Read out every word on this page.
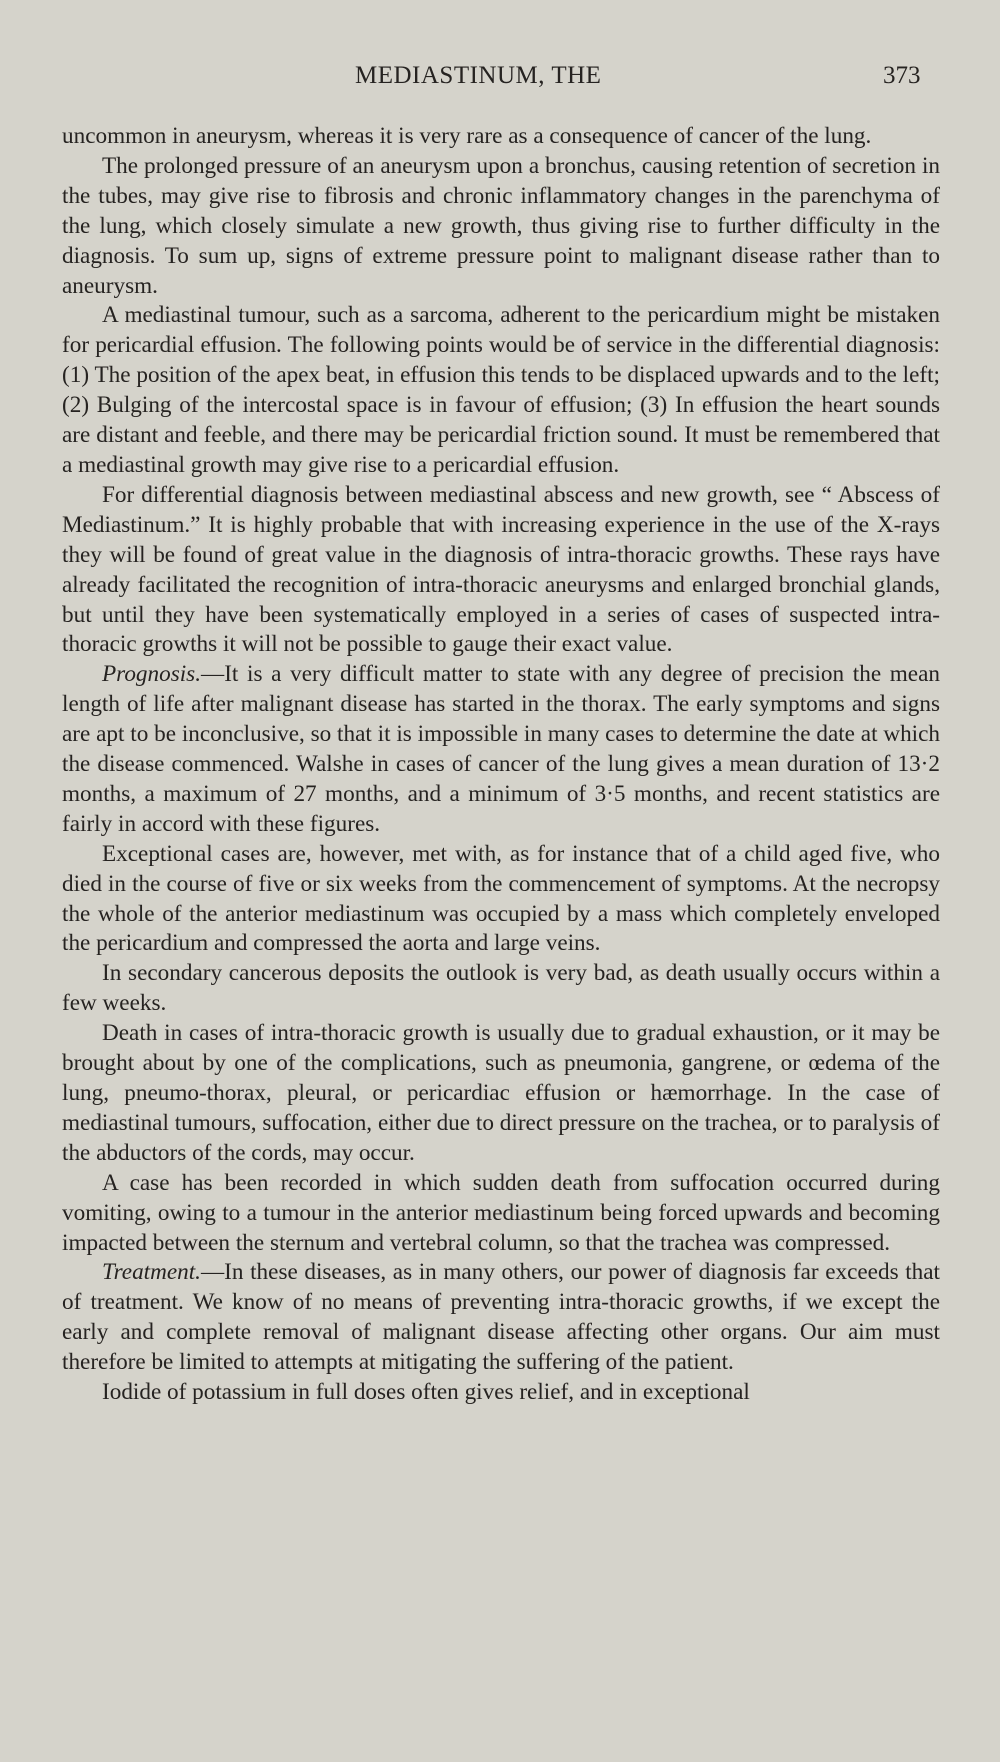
MEDIASTINUM, THE	373

uncommon in aneurysm, whereas it is very rare as a consequence of cancer of the lung.

The prolonged pressure of an aneurysm upon a bronchus, causing retention of secretion in the tubes, may give rise to fibrosis and chronic inflammatory changes in the parenchyma of the lung, which closely simulate a new growth, thus giving rise to further difficulty in the diagnosis. To sum up, signs of extreme pressure point to malignant disease rather than to aneurysm.

A mediastinal tumour, such as a sarcoma, adherent to the pericardium might be mistaken for pericardial effusion. The following points would be of service in the differential diagnosis: (1) The position of the apex beat, in effusion this tends to be displaced upwards and to the left; (2) Bulging of the intercostal space is in favour of effusion; (3) In effusion the heart sounds are distant and feeble, and there may be pericardial friction sound. It must be remembered that a mediastinal growth may give rise to a pericardial effusion.

For differential diagnosis between mediastinal abscess and new growth, see “ Abscess of Mediastinum.” It is highly probable that with increasing experience in the use of the X-rays they will be found of great value in the diagnosis of intra-thoracic growths. These rays have already facilitated the recognition of intra-thoracic aneurysms and enlarged bronchial glands, but until they have been systematically employed in a series of cases of suspected intra-thoracic growths it will not be possible to gauge their exact value.

Prognosis.—It is a very difficult matter to state with any degree of precision the mean length of life after malignant disease has started in the thorax. The early symptoms and signs are apt to be inconclusive, so that it is impossible in many cases to determine the date at which the disease commenced. Walshe in cases of cancer of the lung gives a mean duration of 13·2 months, a maximum of 27 months, and a minimum of 3·5 months, and recent statistics are fairly in accord with these figures.

Exceptional cases are, however, met with, as for instance that of a child aged five, who died in the course of five or six weeks from the commencement of symptoms. At the necropsy the whole of the anterior mediastinum was occupied by a mass which completely enveloped the pericardium and compressed the aorta and large veins.

In secondary cancerous deposits the outlook is very bad, as death usually occurs within a few weeks.

Death in cases of intra-thoracic growth is usually due to gradual exhaustion, or it may be brought about by one of the complications, such as pneumonia, gangrene, or œdema of the lung, pneumo-thorax, pleural, or pericardiac effusion or hæmorrhage. In the case of mediastinal tumours, suffocation, either due to direct pressure on the trachea, or to paralysis of the abductors of the cords, may occur.

A case has been recorded in which sudden death from suffocation occurred during vomiting, owing to a tumour in the anterior mediastinum being forced upwards and becoming impacted between the sternum and vertebral column, so that the trachea was compressed.

Treatment.—In these diseases, as in many others, our power of diagnosis far exceeds that of treatment. We know of no means of preventing intra-thoracic growths, if we except the early and complete removal of malignant disease affecting other organs. Our aim must therefore be limited to attempts at mitigating the suffering of the patient.

Iodide of potassium in full doses often gives relief, and in exceptional
